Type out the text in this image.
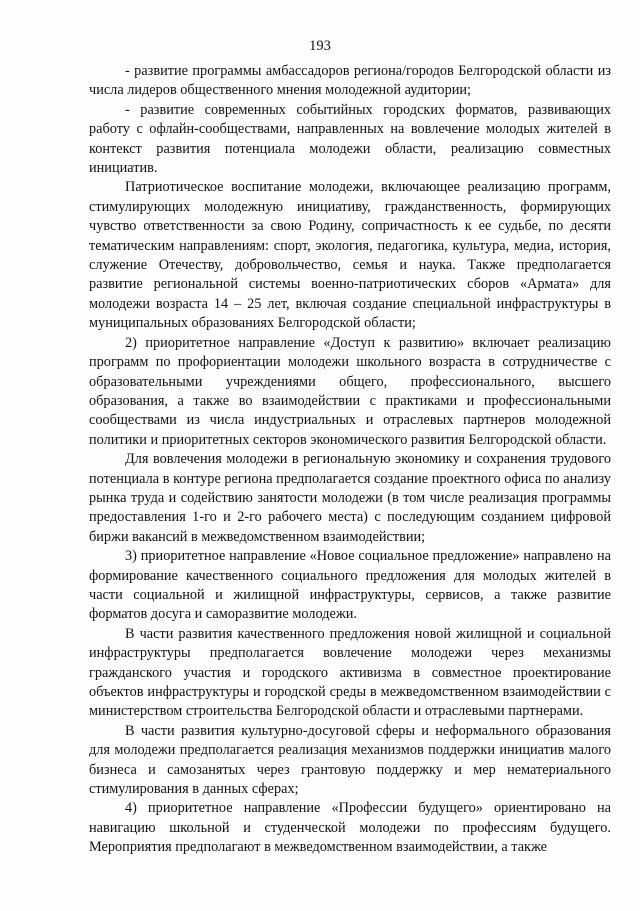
193

- развитие программы амбассадоров региона/городов Белгородской области из числа лидеров общественного мнения молодежной аудитории;

- развитие современных событийных городских форматов, развивающих работу с офлайн-сообществами, направленных на вовлечение молодых жителей в контекст развития потенциала молодежи области, реализацию совместных инициатив.

Патриотическое воспитание молодежи, включающее реализацию программ, стимулирующих молодежную инициативу, гражданственность, формирующих чувство ответственности за свою Родину, сопричастность к ее судьбе, по десяти тематическим направлениям: спорт, экология, педагогика, культура, медиа, история, служение Отечеству, добровольчество, семья и наука. Также предполагается развитие региональной системы военно-патриотических сборов «Армата» для молодежи возраста 14 – 25 лет, включая создание специальной инфраструктуры в муниципальных образованиях Белгородской области;

2) приоритетное направление «Доступ к развитию» включает реализацию программ по профориентации молодежи школьного возраста в сотрудничестве с образовательными учреждениями общего, профессионального, высшего образования, а также во взаимодействии с практиками и профессиональными сообществами из числа индустриальных и отраслевых партнеров молодежной политики и приоритетных секторов экономического развития Белгородской области.

Для вовлечения молодежи в региональную экономику и сохранения трудового потенциала в контуре региона предполагается создание проектного офиса по анализу рынка труда и содействию занятости молодежи (в том числе реализация программы предоставления 1-го и 2-го рабочего места) с последующим созданием цифровой биржи вакансий в межведомственном взаимодействии;

3) приоритетное направление «Новое социальное предложение» направлено на формирование качественного социального предложения для молодых жителей в части социальной и жилищной инфраструктуры, сервисов, а также развитие форматов досуга и саморазвитие молодежи.

В части развития качественного предложения новой жилищной и социальной инфраструктуры предполагается вовлечение молодежи через механизмы гражданского участия и городского активизма в совместное проектирование объектов инфраструктуры и городской среды в межведомственном взаимодействии с министерством строительства Белгородской области и отраслевыми партнерами.

В части развития культурно-досуговой сферы и неформального образования для молодежи предполагается реализация механизмов поддержки инициатив малого бизнеса и самозанятых через грантовую поддержку и мер нематериального стимулирования в данных сферах;

4) приоритетное направление «Профессии будущего» ориентировано на навигацию школьной и студенческой молодежи по профессиям будущего. Мероприятия предполагают в межведомственном взаимодействии, а также
